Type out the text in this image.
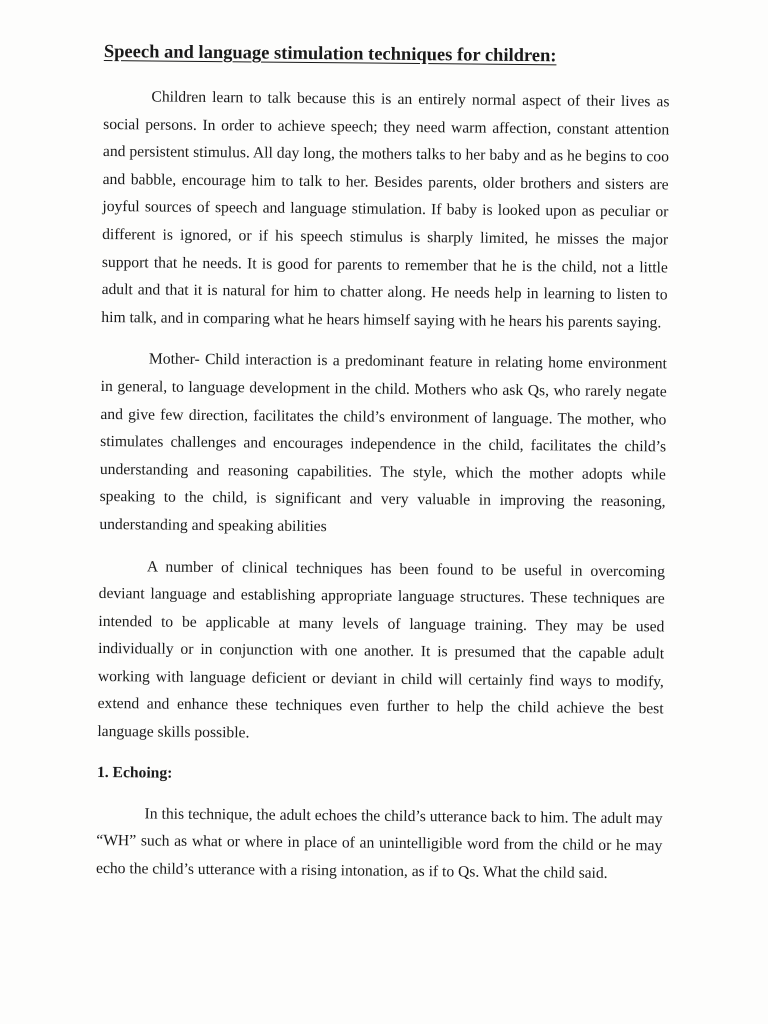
Speech and language stimulation techniques for children:

Children learn to talk because this is an entirely normal aspect of their lives as social persons. In order to achieve speech; they need warm affection, constant attention and persistent stimulus. All day long, the mothers talks to her baby and as he begins to coo and babble, encourage him to talk to her. Besides parents, older brothers and sisters are joyful sources of speech and language stimulation. If baby is looked upon as peculiar or different is ignored, or if his speech stimulus is sharply limited, he misses the major support that he needs. It is good for parents to remember that he is the child, not a little adult and that it is natural for him to chatter along. He needs help in learning to listen to him talk, and in comparing what he hears himself saying with he hears his parents saying.

Mother- Child interaction is a predominant feature in relating home environment in general, to language development in the child. Mothers who ask Qs, who rarely negate and give few direction, facilitates the child’s environment of language. The mother, who stimulates challenges and encourages independence in the child, facilitates the child’s understanding and reasoning capabilities. The style, which the mother adopts while speaking to the child, is significant and very valuable in improving the reasoning, understanding and speaking abilities

A number of clinical techniques has been found to be useful in overcoming deviant language and establishing appropriate language structures. These techniques are intended to be applicable at many levels of language training. They may be used individually or in conjunction with one another. It is presumed that the capable adult working with language deficient or deviant in child will certainly find ways to modify, extend and enhance these techniques even further to help the child achieve the best language skills possible.

1. Echoing:

In this technique, the adult echoes the child’s utterance back to him. The adult may “WH” such as what or where in place of an unintelligible word from the child or he may echo the child’s utterance with a rising intonation, as if to Qs. What the child said.
